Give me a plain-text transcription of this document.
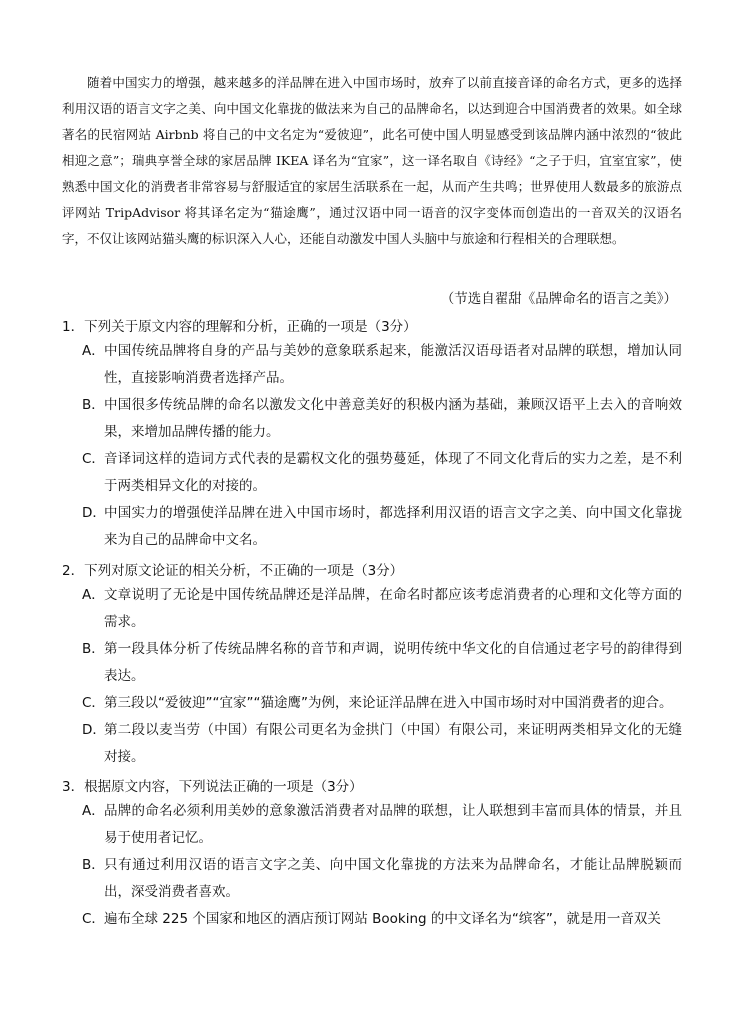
随着中国实力的增强，越来越多的洋品牌在进入中国市场时，放弃了以前直接音译的命名方式，更多的选择利用汉语的语言文字之美、向中国文化靠拢的做法来为自己的品牌命名，以达到迎合中国消费者的效果。如全球著名的民宿网站 Airbnb 将自己的中文名定为“爱彼迎”，此名可使中国人明显感受到该品牌内涵中浓烈的“彼此相迎之意”；瑞典享誉全球的家居品牌 IKEA 译名为“宜家”，这一译名取自《诗经》“之子于归，宜室宜家”，使熟悉中国文化的消费者非常容易与舒服适宜的家居生活联系在一起，从而产生共鸣；世界使用人数最多的旅游点评网站 TripAdvisor 将其译名定为“猫途鹰”，通过汉语中同一语音的汉字变体而创造出的一音双关的汉语名字，不仅让该网站猫头鹰的标识深入人心，还能自动激发中国人头脑中与旅途和行程相关的合理联想。

（节选自翟甜《品牌命名的语言之美》）
1．下列关于原文内容的理解和分析，正确的一项是（3分）
A． 中国传统品牌将自身的产品与美妙的意象联系起来，能激活汉语母语者对品牌的联想，增加认同性，直接影响消费者选择产品。
B． 中国很多传统品牌的命名以激发文化中善意美好的积极内涵为基础，兼顾汉语平上去入的音响效果，来增加品牌传播的能力。
C． 音译词这样的造词方式代表的是霸权文化的强势蔓延，体现了不同文化背后的实力之差，是不利于两类相异文化的对接的。
D．
中国实力的增强使洋品牌在进入中国市场时，都选择利用汉语的语言文字之美、向中国文化靠拢来为自己的品牌命中文名。
2．下列对原文论证的相关分析，不正确的一项是（3分）
A． 文章说明了无论是中国传统品牌还是洋品牌，在命名时都应该考虑消费者的心理和文化等方面的需求。
B． 第一段具体分析了传统品牌名称的音节和声调，说明传统中华文化的自信通过老字号的韵律得到表达。
C． 第三段以“爱彼迎”“宜家”“猫途鹰”为例，来论证洋品牌在进入中国市场时对中国消费者的迎合。
D．
第二段以麦当劳（中国）有限公司更名为金拱门（中国）有限公司，来证明两类相异文化的无缝对接。
3．根据原文内容，下列说法正确的一项是（3分）
A． 品牌的命名必须利用美妙的意象激活消费者对品牌的联想，让人联想到丰富而具体的情景，并且易于使用者记忆。
B． 只有通过利用汉语的语言文字之美、向中国文化靠拢的方法来为品牌命名，才能让品牌脱颖而出，深受消费者喜欢。
C． 遍布全球 225 个国家和地区的酒店预订网站 Booking 的中文译名为“缤客”，就是用一音双关
